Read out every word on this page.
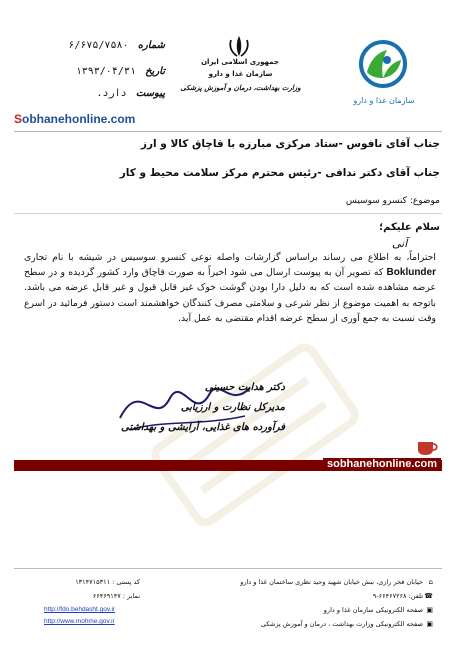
سازمان غذا و دارو
جمهوری اسلامی ایران
سازمان غذا و دارو
وزارت بهداشت، درمان و آموزش پزشکی
شماره ۶/۶۷۵/۷۵۸۰
تاریخ ۱۳۹۳/۰۴/۳۱
پیوست دارد.
Sobhanehonline.com
جناب آقای نافوس -ستاد مرکزی مبارزه با قاچاق کالا و ارز
جناب آقای دکتر ندافی -رئیس محترم مرکز سلامت محیط و کار
موضوع: کنسرو سوسیس
سلام علیکم؛
آنی
احتراماً، به اطلاع می رساند براساس گزارشات واصله نوعی کنسرو سوسیس در شیشه با نام تجاری Boklunder که تصویر آن به پیوست ارسال می شود اخیراً به صورت قاچاق وارد کشور گردیده و در سطح عرضه مشاهده شده است که به دلیل دارا بودن گوشت خوک غیر قابل قبول و غیر قابل عرضه می باشد. باتوجه به اهمیت موضوع از نظر شرعی و سلامتی مصرف کنندگان خواهشمند است دستور فرمائید در اسرع وقت نسبت به جمع آوری از سطح عرضه اقدام مقتضی به عمل آید.
دکتر هدایت حسینی
مدیرکل نظارت و ارزیابی
فرآورده های غذایی، آرایشی و بهداشتی
sobhanehonline.com
⌂خیابان فخر رازی، نبش خیابان شهید وحید نظری ساختمان غذا و دارو
☎تلفن: ۶۶۴۶۷۲۶۸-۹
▣صفحه الکترونیکی سازمان غذا و دارو
▣صفحه الکترونیکی وزارت بهداشت ، درمان و آموزش پزشکی
کد پستی : ۱۳۱۴۷۱۵۳۱۱
نمابر : ۶۶۴۶۹۱۴۷
http://fdo.behdasht.gov.ir
http://www.mohme.gov.ir
